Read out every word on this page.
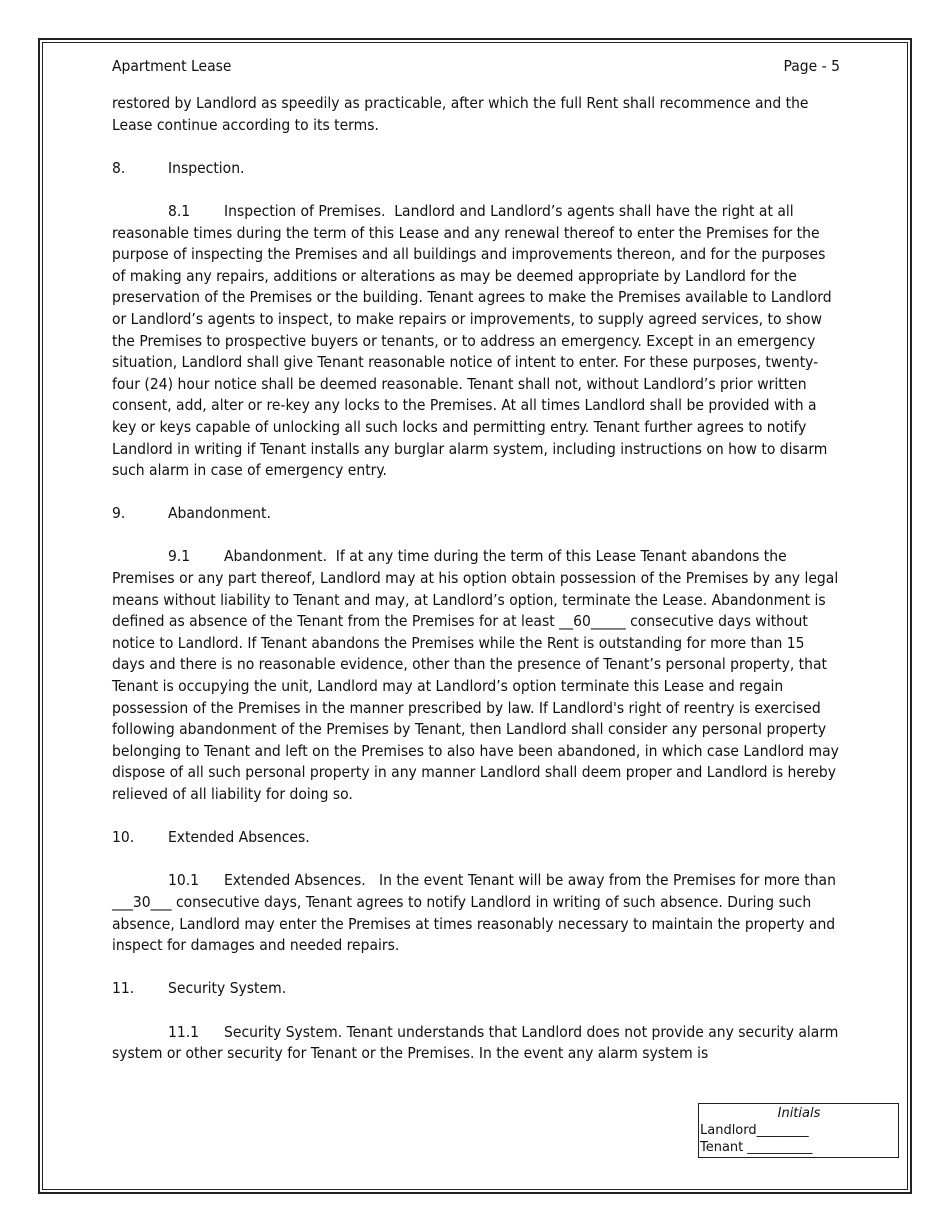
Apartment Lease	Page - 5

restored by Landlord as speedily as practicable, after which the full Rent shall recommence and the Lease continue according to its terms.

8.	Inspection.

8.1 Inspection of Premises. Landlord and Landlord’s agents shall have the right at all reasonable times during the term of this Lease and any renewal thereof to enter the Premises for the purpose of inspecting the Premises and all buildings and improvements thereon, and for the purposes of making any repairs, additions or alterations as may be deemed appropriate by Landlord for the preservation of the Premises or the building. Tenant agrees to make the Premises available to Landlord or Landlord’s agents to inspect, to make repairs or improvements, to supply agreed services, to show the Premises to prospective buyers or tenants, or to address an emergency. Except in an emergency situation, Landlord shall give Tenant reasonable notice of intent to enter. For these purposes, twenty-four (24) hour notice shall be deemed reasonable. Tenant shall not, without Landlord’s prior written consent, add, alter or re-key any locks to the Premises. At all times Landlord shall be provided with a key or keys capable of unlocking all such locks and permitting entry. Tenant further agrees to notify Landlord in writing if Tenant installs any burglar alarm system, including instructions on how to disarm such alarm in case of emergency entry.

9.	Abandonment.

9.1 Abandonment. If at any time during the term of this Lease Tenant abandons the Premises or any part thereof, Landlord may at his option obtain possession of the Premises by any legal means without liability to Tenant and may, at Landlord’s option, terminate the Lease. Abandonment is defined as absence of the Tenant from the Premises for at least __60_____ consecutive days without notice to Landlord. If Tenant abandons the Premises while the Rent is outstanding for more than 15 days and there is no reasonable evidence, other than the presence of Tenant’s personal property, that Tenant is occupying the unit, Landlord may at Landlord’s option terminate this Lease and regain possession of the Premises in the manner prescribed by law. If Landlord's right of reentry is exercised following abandonment of the Premises by Tenant, then Landlord shall consider any personal property belonging to Tenant and left on the Premises to also have been abandoned, in which case Landlord may dispose of all such personal property in any manner Landlord shall deem proper and Landlord is hereby relieved of all liability for doing so.

10.	Extended Absences.

10.1 Extended Absences. In the event Tenant will be away from the Premises for more than ___30___ consecutive days, Tenant agrees to notify Landlord in writing of such absence. During such absence, Landlord may enter the Premises at times reasonably necessary to maintain the property and inspect for damages and needed repairs.

11.	Security System.

11.1 Security System. Tenant understands that Landlord does not provide any security alarm system or other security for Tenant or the Premises. In the event any alarm system is

Initials
Landlord________
Tenant __________
